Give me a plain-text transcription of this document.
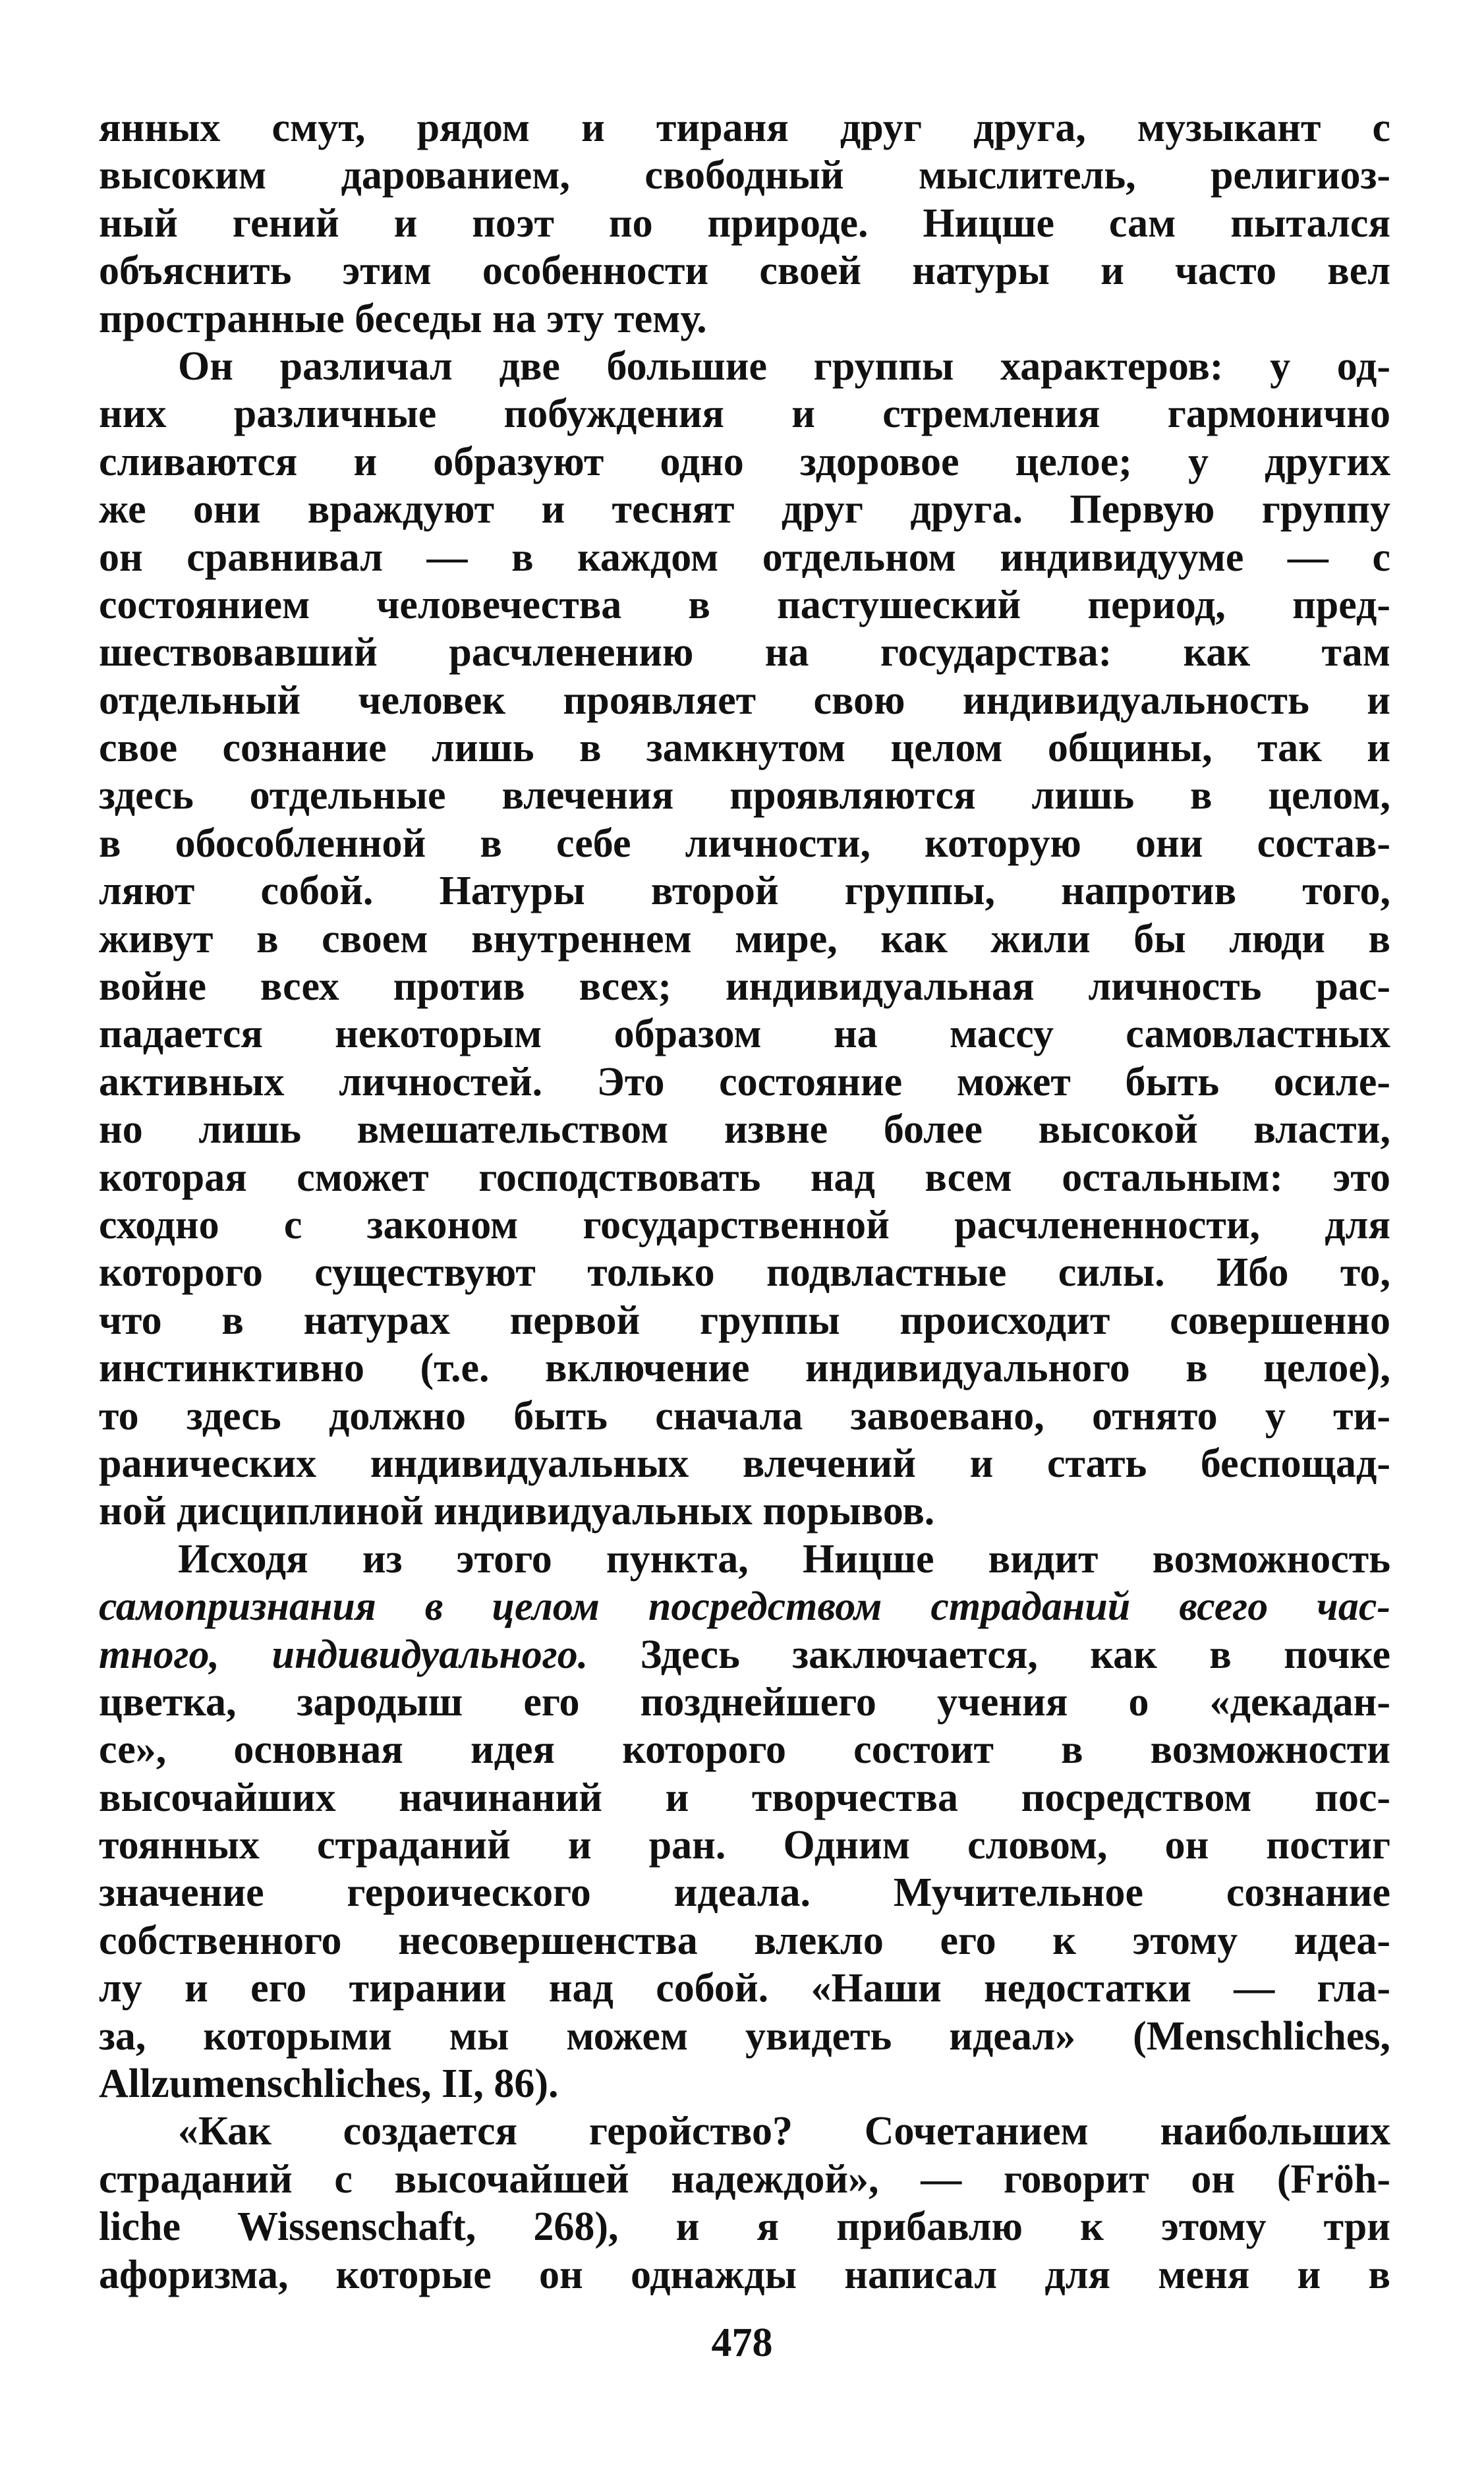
янных смут, рядом и тираня друг друга, музыкант с
высоким дарованием, свободный мыслитель, религиоз-
ный гений и поэт по природе. Ницше сам пытался
объяснить этим особенности своей натуры и часто вел
пространные беседы на эту тему.
Он различал две большие группы характеров: у од-
них различные побуждения и стремления гармонично
сливаются и образуют одно здоровое целое; у других
же они враждуют и теснят друг друга. Первую группу
он сравнивал — в каждом отдельном индивидууме — с
состоянием человечества в пастушеский период, пред-
шествовавший расчленению на государства: как там
отдельный человек проявляет свою индивидуальность и
свое сознание лишь в замкнутом целом общины, так и
здесь отдельные влечения проявляются лишь в целом,
в обособленной в себе личности, которую они состав-
ляют собой. Натуры второй группы, напротив того,
живут в своем внутреннем мире, как жили бы люди в
войне всех против всех; индивидуальная личность рас-
падается некоторым образом на массу самовластных
активных личностей. Это состояние может быть осиле-
но лишь вмешательством извне более высокой власти,
которая сможет господствовать над всем остальным: это
сходно с законом государственной расчлененности, для
которого существуют только подвластные силы. Ибо то,
что в натурах первой группы происходит совершенно
инстинктивно (т.е. включение индивидуального в целое),
то здесь должно быть сначала завоевано, отнято у ти-
ранических индивидуальных влечений и стать беспощад-
ной дисциплиной индивидуальных порывов.
Исходя из этого пункта, Ницше видит возможность
самопризнания в целом посредством страданий всего час-
тного, индивидуального. Здесь заключается, как в почке
цветка, зародыш его позднейшего учения о «декадан-
се», основная идея которого состоит в возможности
высочайших начинаний и творчества посредством пос-
тоянных страданий и ран. Одним словом, он постиг
значение героического идеала. Мучительное сознание
собственного несовершенства влекло его к этому идеа-
лу и его тирании над собой. «Наши недостатки — гла-
за, которыми мы можем увидеть идеал» (Menschliches,
Allzumenschliches, II, 86).
«Как создается геройство? Сочетанием наибольших
страданий с высочайшей надеждой», — говорит он (Fröh-
liche Wissenschaft, 268), и я прибавлю к этому три
афоризма, которые он однажды написал для меня и в
478
